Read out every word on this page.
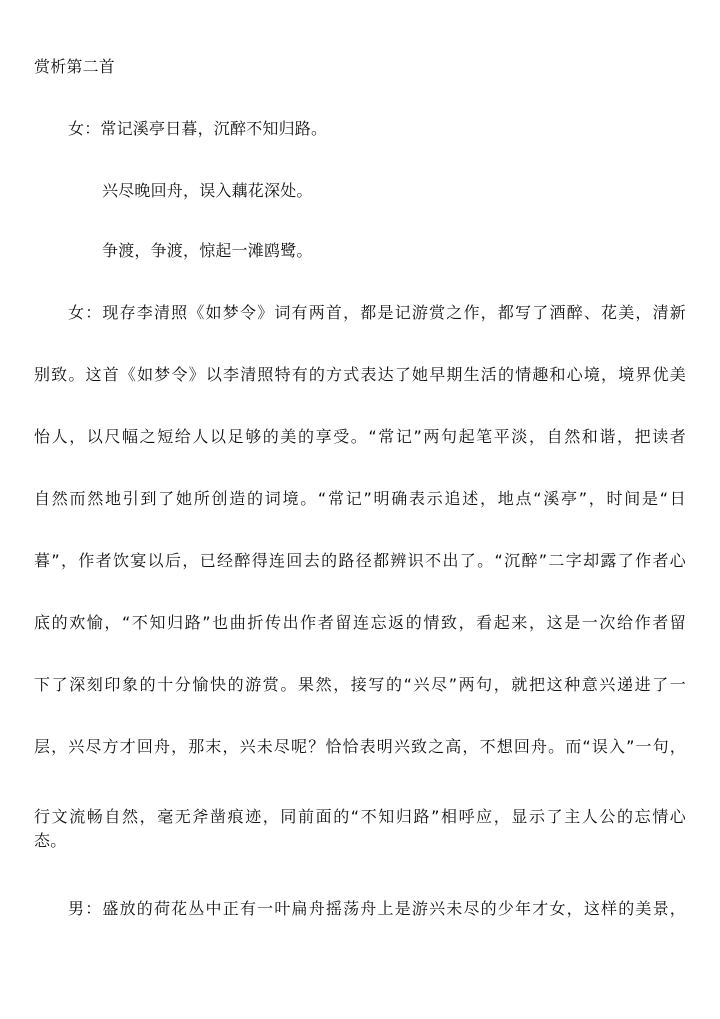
赏析第二首
女：常记溪亭日暮，沉醉不知归路。
兴尽晚回舟，误入藕花深处。
争渡，争渡，惊起一滩鸥鹭。
女：现存李清照《如梦令》词有两首，都是记游赏之作，都写了酒醉、花美，清新
别致。这首《如梦令》以李清照特有的方式表达了她早期生活的情趣和心境，境界优美
怡人，以尺幅之短给人以足够的美的享受。“常记”两句起笔平淡，自然和谐，把读者
自然而然地引到了她所创造的词境。“常记”明确表示追述，地点“溪亭”，时间是“日
暮”，作者饮宴以后，已经醉得连回去的路径都辨识不出了。“沉醉”二字却露了作者心
底的欢愉，“不知归路”也曲折传出作者留连忘返的情致，看起来，这是一次给作者留
下了深刻印象的十分愉快的游赏。果然，接写的“兴尽”两句，就把这种意兴递进了一
层，兴尽方才回舟，那末，兴未尽呢？恰恰表明兴致之高，不想回舟。而“误入”一句，
行文流畅自然，毫无斧凿痕迹，同前面的“不知归路”相呼应，显示了主人公的忘情心
态。
男：盛放的荷花丛中正有一叶扁舟摇荡舟上是游兴未尽的少年才女，这样的美景，
